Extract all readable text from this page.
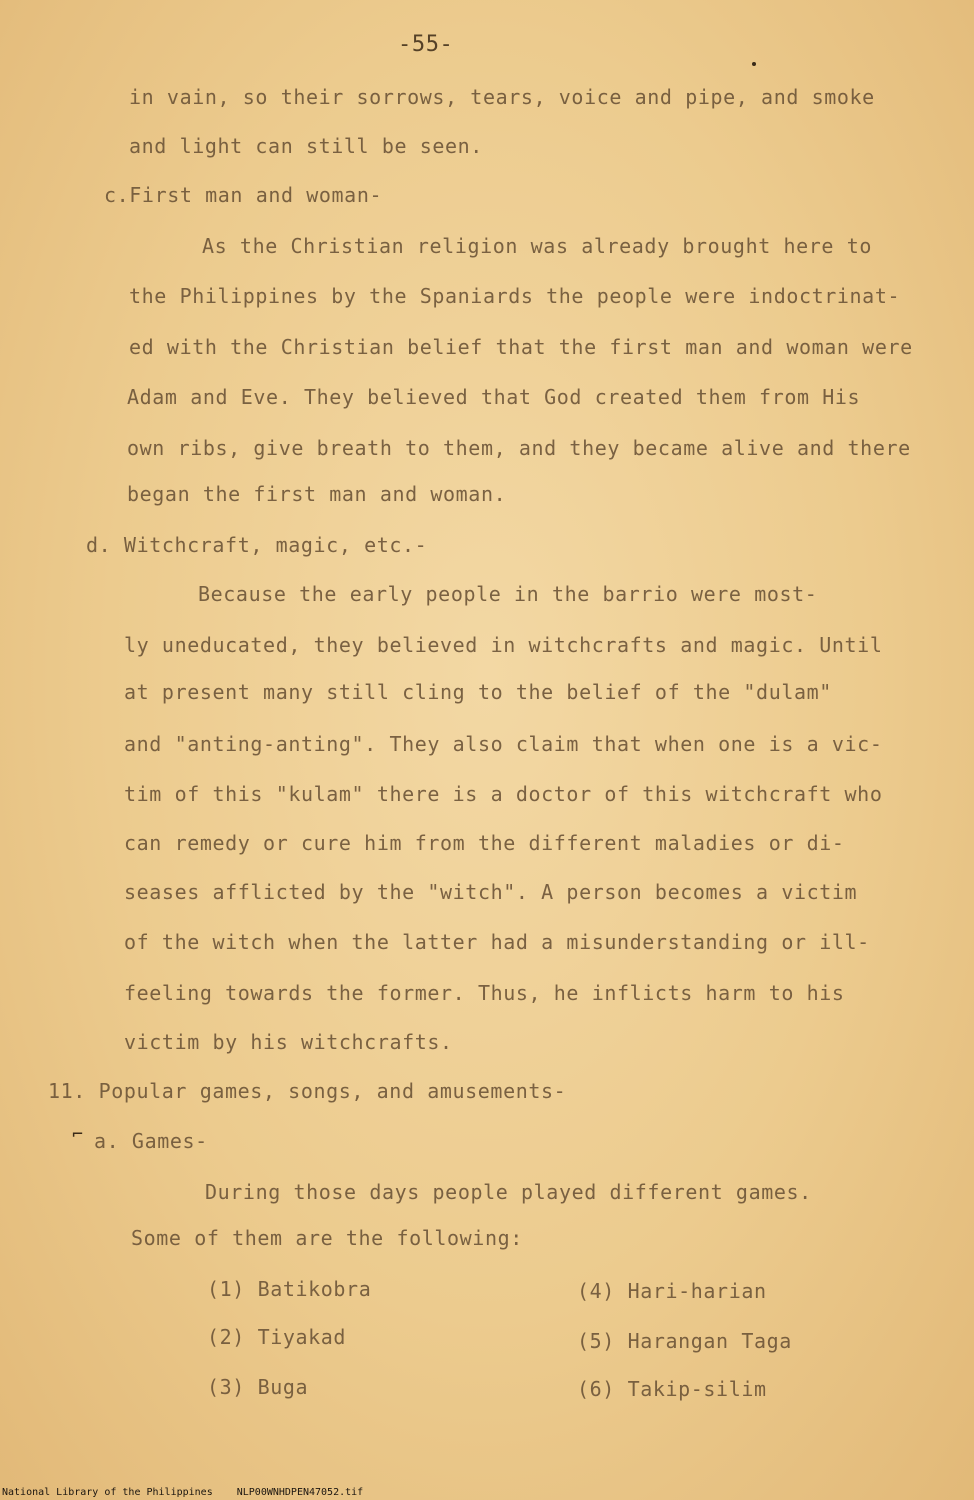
-55-
in vain, so their sorrows, tears, voice and pipe, and smoke
and light can still be seen.
c.First man and woman-
As the Christian religion was already brought here to
the Philippines by the Spaniards the people were indoctrinat-
ed with the Christian belief that the first man and woman were
Adam and Eve. They believed that God created them from His
own ribs, give breath to them, and they became alive and there
began the first man and woman.
d. Witchcraft, magic, etc.-
Because the early people in the barrio were most-
ly uneducated, they believed in witchcrafts and magic. Until
at present many still cling to the belief of the "dulam"
and "anting-anting". They also claim that when one is a vic-
tim of this "kulam" there is a doctor of this witchcraft who
can remedy or cure him from the different maladies or di-
seases afflicted by the "witch". A person becomes a victim
of the witch when the latter had a misunderstanding or ill-
feeling towards the former. Thus, he inflicts harm to his
victim by his witchcrafts.
11. Popular games, songs, and amusements-
⌐ a. Games-
During those days people played different games.
Some of them are the following:
(1) Batikobra
(2) Tiyakad
(3) Buga
(4) Hari-harian
(5) Harangan Taga
(6) Takip-silim
National Library of the Philippines NLP00WNHDPEN47052.tif
